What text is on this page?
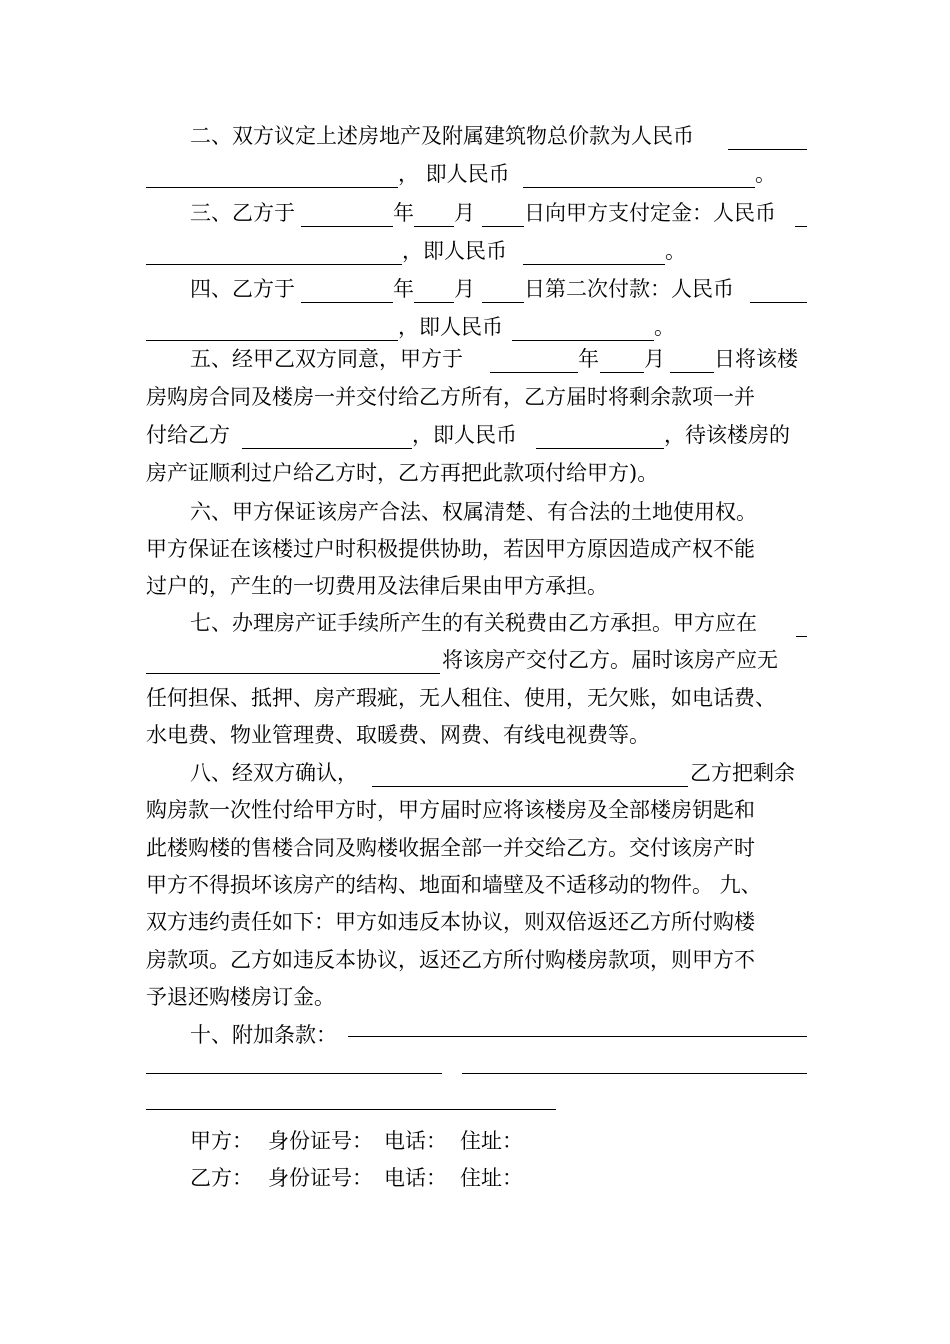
二、双方议定上述房地产及附属建筑物总价款为人民币
， 即人民币	。
三、乙方于	年 月 日向甲方支付定金：人民币
，即人民币	。
四、乙方于	年 月 日第二次付款：人民币
，即人民币	。
五、经甲乙双方同意，甲方于	年 月 日将该楼
房购房合同及楼房一并交付给乙方所有，乙方届时将剩余款项一并
付给乙方	，即人民币	，待该楼房的
房产证顺利过户给乙方时，乙方再把此款项付给甲方)。
六、甲方保证该房产合法、权属清楚、有合法的土地使用权。
甲方保证在该楼过户时积极提供协助，若因甲方原因造成产权不能
过户的，产生的一切费用及法律后果由甲方承担。
七、办理房产证手续所产生的有关税费由乙方承担。甲方应在
将该房产交付乙方。届时该房产应无
任何担保、抵押、房产瑕疵，无人租住、使用，无欠账，如电话费、
水电费、物业管理费、取暖费、网费、有线电视费等。
八、经双方确认，	乙方把剩余
购房款一次性付给甲方时，甲方届时应将该楼房及全部楼房钥匙和
此楼购楼的售楼合同及购楼收据全部一并交给乙方。交付该房产时
甲方不得损坏该房产的结构、地面和墙壁及不适移动的物件。 九、
双方违约责任如下：甲方如违反本协议，则双倍返还乙方所付购楼
房款项。乙方如违反本协议，返还乙方所付购楼房款项，则甲方不
予退还购楼房订金。
十、附加条款：
甲方： 身份证号： 电话： 住址：
乙方： 身份证号： 电话： 住址：
